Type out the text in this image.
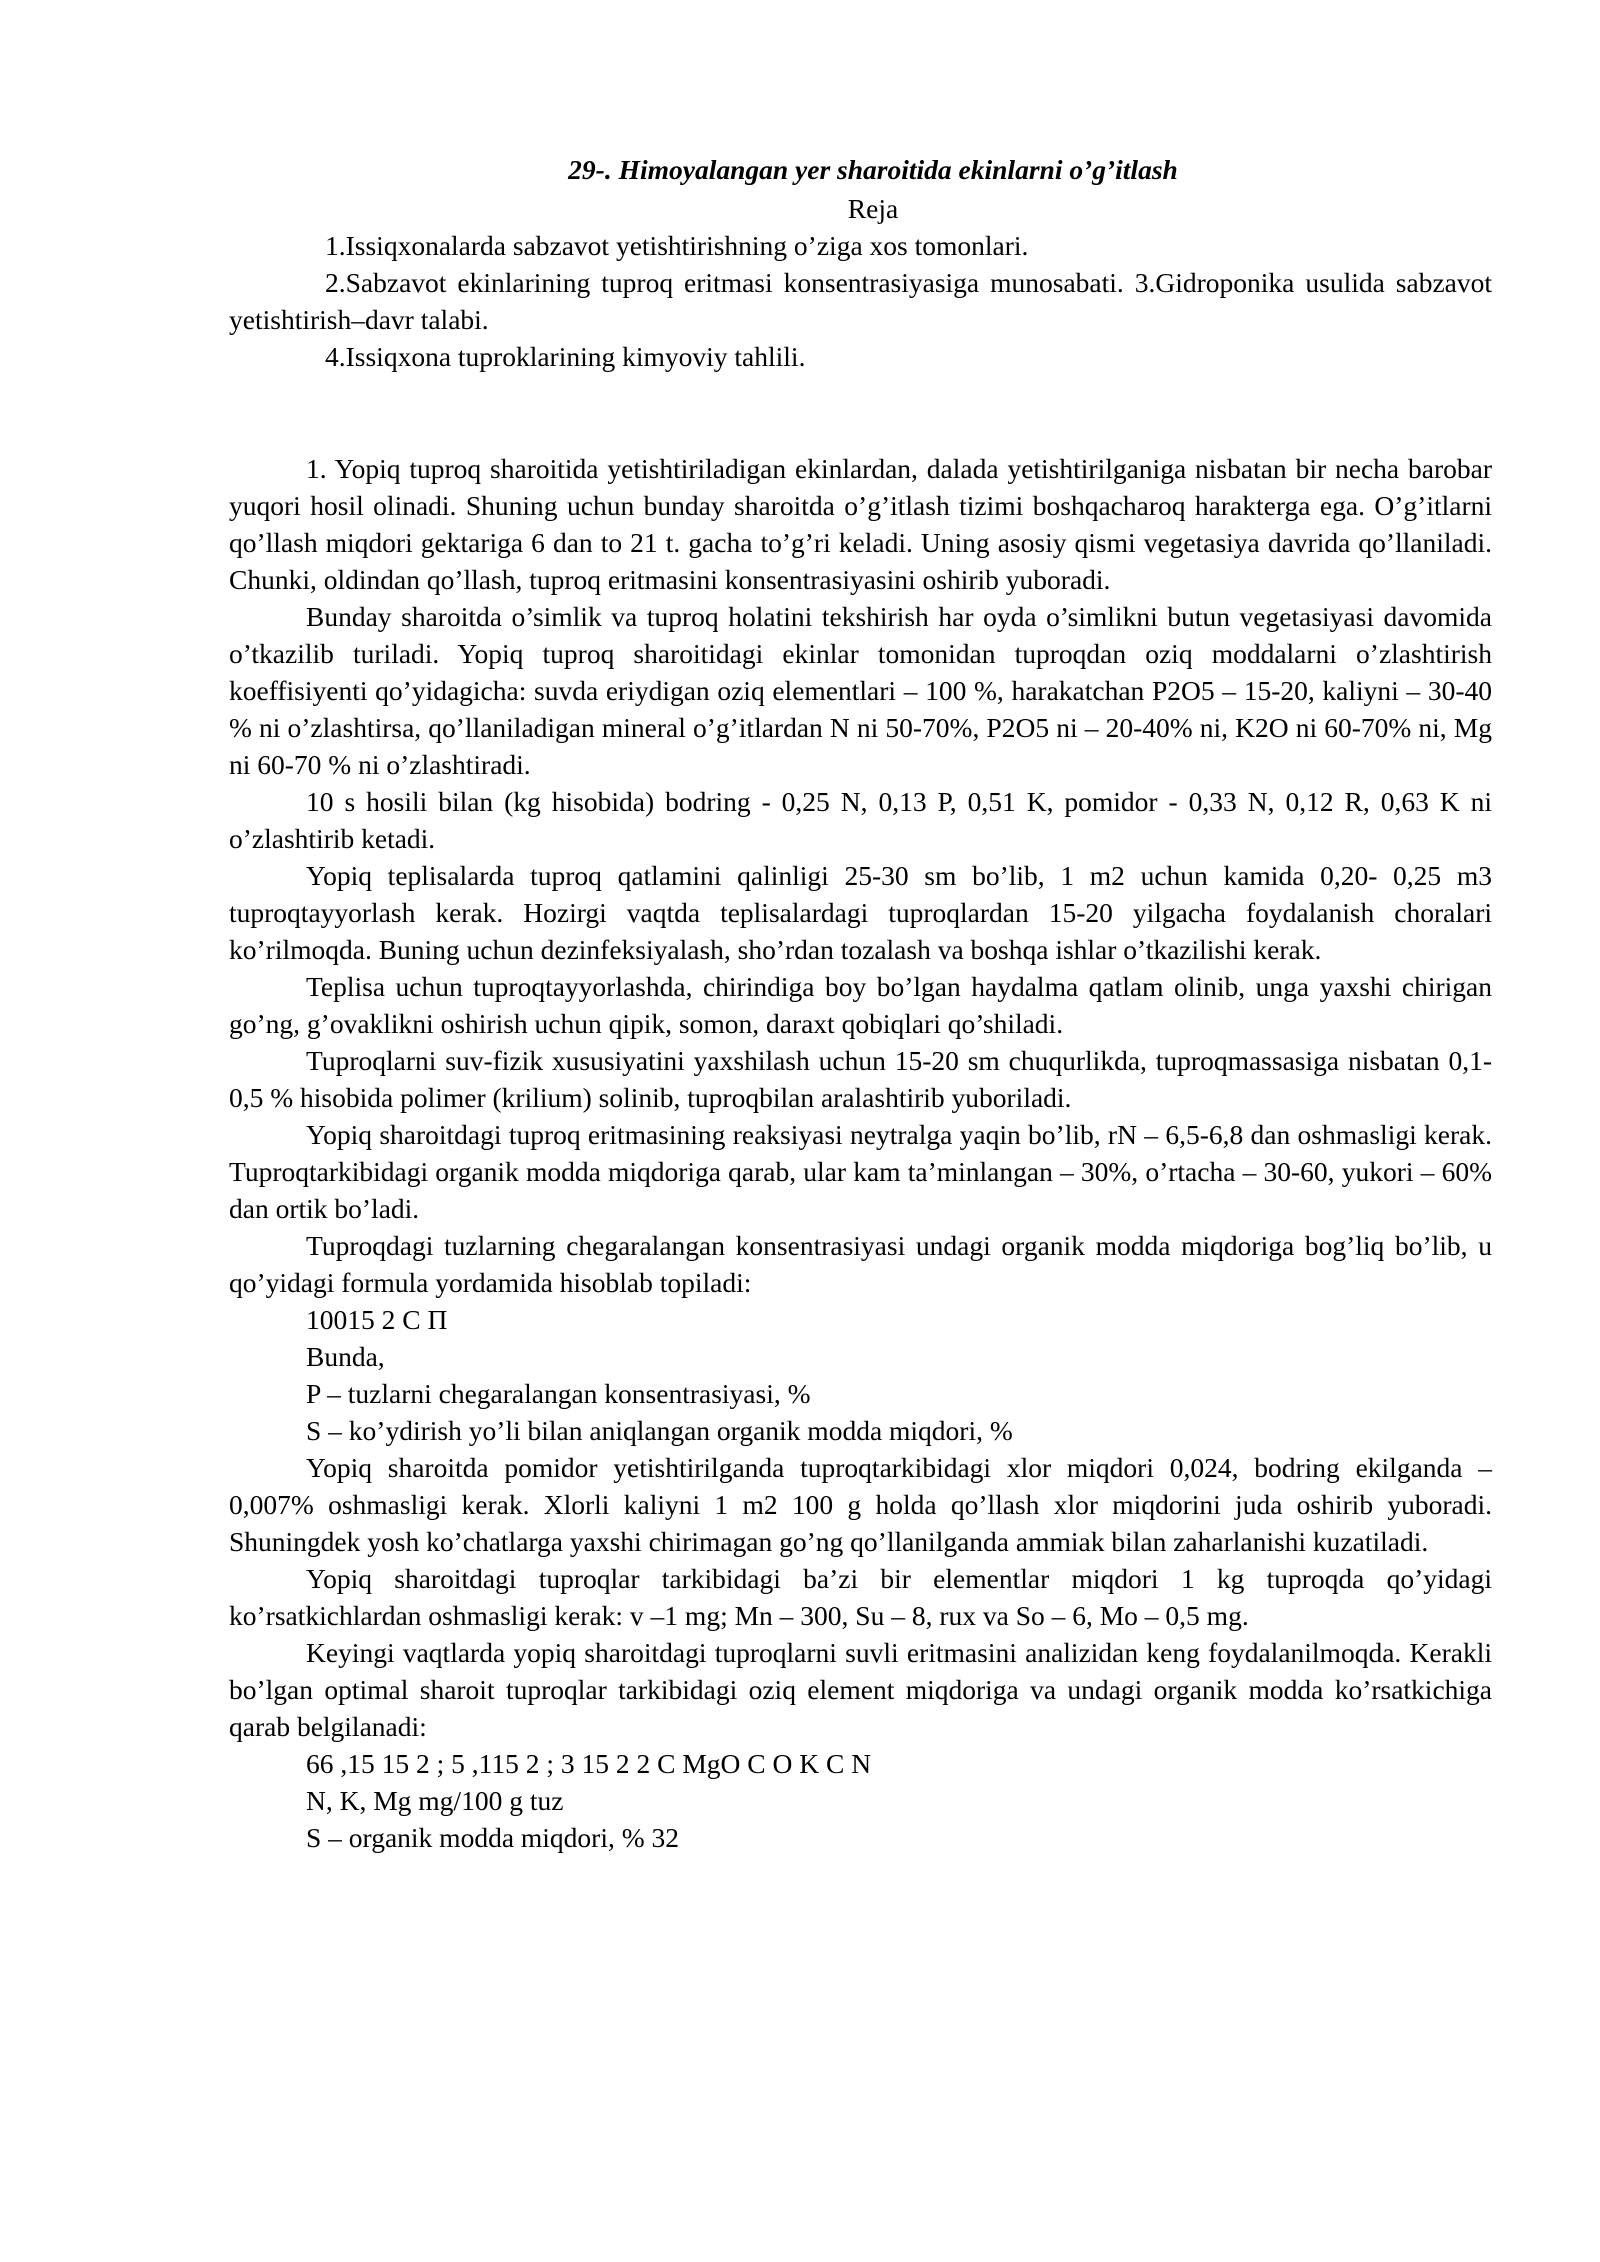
29-. Himoyalangan yer sharoitida ekinlarni o’g’itlash
Reja

1.Issiqxonalarda sabzavot yetishtirishning o’ziga xos tomonlari.

2.Sabzavot ekinlarining tuproq eritmasi konsentrasiyasiga munosabati. 3.Gidroponika usulida sabzavot yetishtirish–davr talabi.

4.Issiqxona tuproklarining kimyoviy tahlili.

1. Yopiq tuproq sharoitida yetishtiriladigan ekinlardan, dalada yetishtirilganiga nisbatan bir necha barobar yuqori hosil olinadi. Shuning uchun bunday sharoitda o’g’itlash tizimi boshqacharoq harakterga ega. O’g’itlarni qo’llash miqdori gektariga 6 dan to 21 t. gacha to’g’ri keladi. Uning asosiy qismi vegetasiya davrida qo’llaniladi. Chunki, oldindan qo’llash, tuproq eritmasini konsentrasiyasini oshirib yuboradi.

Bunday sharoitda o’simlik va tuproq holatini tekshirish har oyda o’simlikni butun vegetasiyasi davomida o’tkazilib turiladi. Yopiq tuproq sharoitidagi ekinlar tomonidan tuproqdan oziq moddalarni o’zlashtirish koeffisiyenti qo’yidagicha: suvda eriydigan oziq elementlari – 100 %, harakatchan P2O5 – 15-20, kaliyni – 30-40 % ni o’zlashtirsa, qo’llaniladigan mineral o’g’itlardan N ni 50-70%, P2O5 ni – 20-40% ni, K2O ni 60-70% ni, Mg ni 60-70 % ni o’zlashtiradi.

10 s hosili bilan (kg hisobida) bodring - 0,25 N, 0,13 P, 0,51 K, pomidor - 0,33 N, 0,12 R, 0,63 K ni o’zlashtirib ketadi.

Yopiq teplisalarda tuproq qatlamini qalinligi 25-30 sm bo’lib, 1 m2 uchun kamida 0,20- 0,25 m3 tuproqtayyorlash kerak. Hozirgi vaqtda teplisalardagi tuproqlardan 15-20 yilgacha foydalanish choralari ko’rilmoqda. Buning uchun dezinfeksiyalash, sho’rdan tozalash va boshqa ishlar o’tkazilishi kerak.

Teplisa uchun tuproqtayyorlashda, chirindiga boy bo’lgan haydalma qatlam olinib, unga yaxshi chirigan go’ng, g’ovaklikni oshirish uchun qipik, somon, daraxt qobiqlari qo’shiladi.

Tuproqlarni suv-fizik xususiyatini yaxshilash uchun 15-20 sm chuqurlikda, tuproqmassasiga nisbatan 0,1-0,5 % hisobida polimer (krilium) solinib, tuproqbilan aralashtirib yuboriladi.

Yopiq sharoitdagi tuproq eritmasining reaksiyasi neytralga yaqin bo’lib, rN – 6,5-6,8 dan oshmasligi kerak. Tuproqtarkibidagi organik modda miqdoriga qarab, ular kam ta’minlangan – 30%, o’rtacha – 30-60, yukori – 60% dan ortik bo’ladi.

Tuproqdagi tuzlarning chegaralangan konsentrasiyasi undagi organik modda miqdoriga bog’liq bo’lib, u qo’yidagi formula yordamida hisoblab topiladi:

10015 2 C Π

Bunda,

P – tuzlarni chegaralangan konsentrasiyasi, %

S – ko’ydirish yo’li bilan aniqlangan organik modda miqdori, %

Yopiq sharoitda pomidor yetishtirilganda tuproqtarkibidagi xlor miqdori 0,024, bodring ekilganda – 0,007% oshmasligi kerak. Xlorli kaliyni 1 m2 100 g holda qo’llash xlor miqdorini juda oshirib yuboradi. Shuningdek yosh ko’chatlarga yaxshi chirimagan go’ng qo’llanilganda ammiak bilan zaharlanishi kuzatiladi.

Yopiq sharoitdagi tuproqlar tarkibidagi ba’zi bir elementlar miqdori 1 kg tuproqda qo’yidagi ko’rsatkichlardan oshmasligi kerak: v –1 mg; Mn – 300, Su – 8, rux va So – 6, Mo – 0,5 mg.

Keyingi vaqtlarda yopiq sharoitdagi tuproqlarni suvli eritmasini analizidan keng foydalanilmoqda. Kerakli bo’lgan optimal sharoit tuproqlar tarkibidagi oziq element miqdoriga va undagi organik modda ko’rsatkichiga qarab belgilanadi:

66 ,15 15 2 ; 5 ,115 2 ; 3 15 2 2 C MgO C O K C N

N, K, Mg mg/100 g tuz

S – organik modda miqdori, % 32
